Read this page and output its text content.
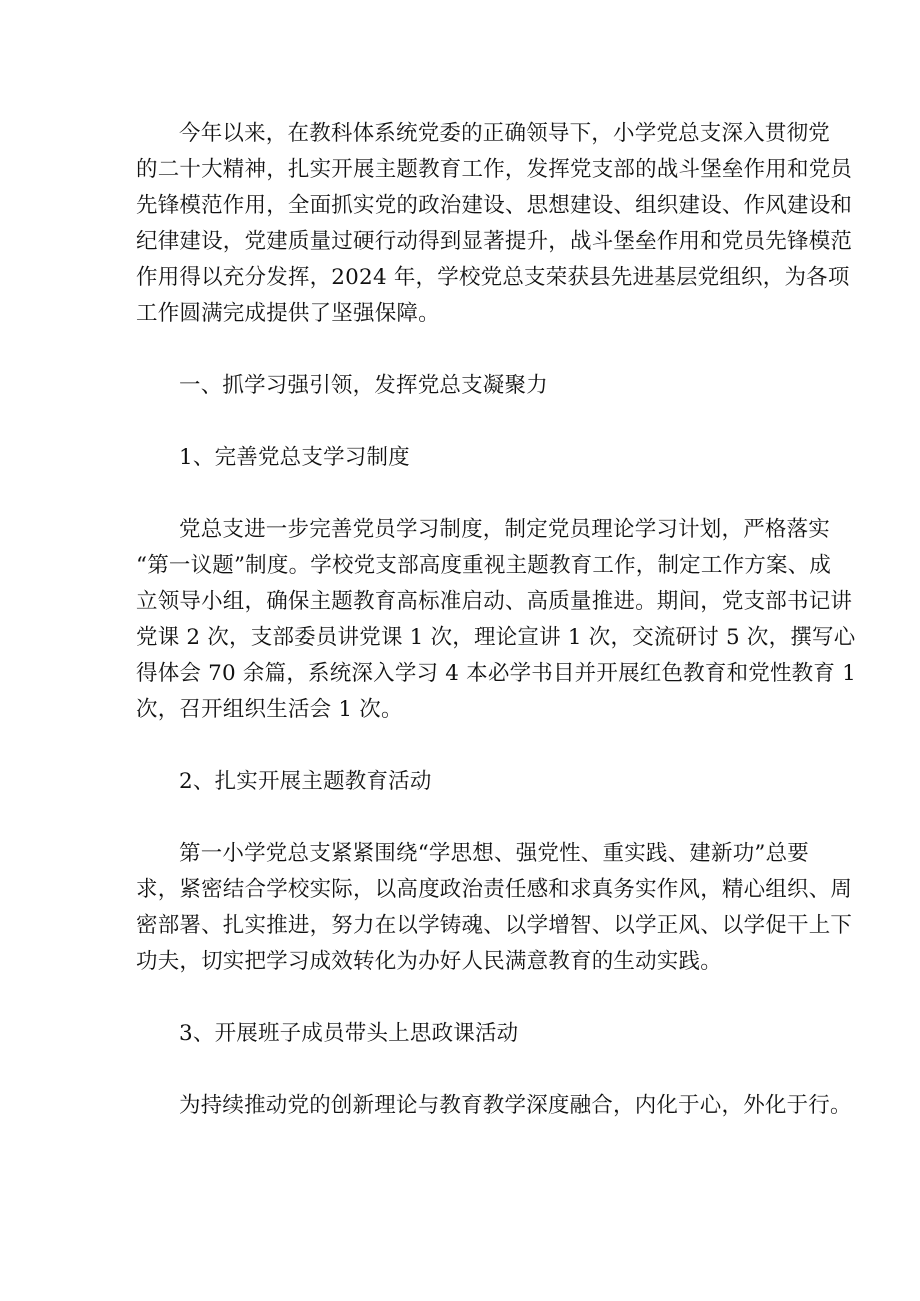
今年以来，在教科体系统党委的正确领导下，小学党总支深入贯彻党
的二十大精神，扎实开展主题教育工作，发挥党支部的战斗堡垒作用和党员
先锋模范作用，全面抓实党的政治建设、思想建设、组织建设、作风建设和
纪律建设，党建质量过硬行动得到显著提升，战斗堡垒作用和党员先锋模范
作用得以充分发挥，2024 年，学校党总支荣获县先进基层党组织，为各项
工作圆满完成提供了坚强保障。

一、抓学习强引领，发挥党总支凝聚力

1、完善党总支学习制度

党总支进一步完善党员学习制度，制定党员理论学习计划，严格落实
“第一议题”制度。学校党支部高度重视主题教育工作，制定工作方案、成
立领导小组，确保主题教育高标准启动、高质量推进。期间，党支部书记讲
党课 2 次，支部委员讲党课 1 次，理论宣讲 1 次，交流研讨 5 次，撰写心
得体会 70 余篇，系统深入学习 4 本必学书目并开展红色教育和党性教育 1
次，召开组织生活会 1 次。

2、扎实开展主题教育活动

第一小学党总支紧紧围绕“学思想、强党性、重实践、建新功”总要
求，紧密结合学校实际，以高度政治责任感和求真务实作风，精心组织、周
密部署、扎实推进，努力在以学铸魂、以学增智、以学正风、以学促干上下
功夫，切实把学习成效转化为办好人民满意教育的生动实践。

3、开展班子成员带头上思政课活动

为持续推动党的创新理论与教育教学深度融合，内化于心，外化于行。
